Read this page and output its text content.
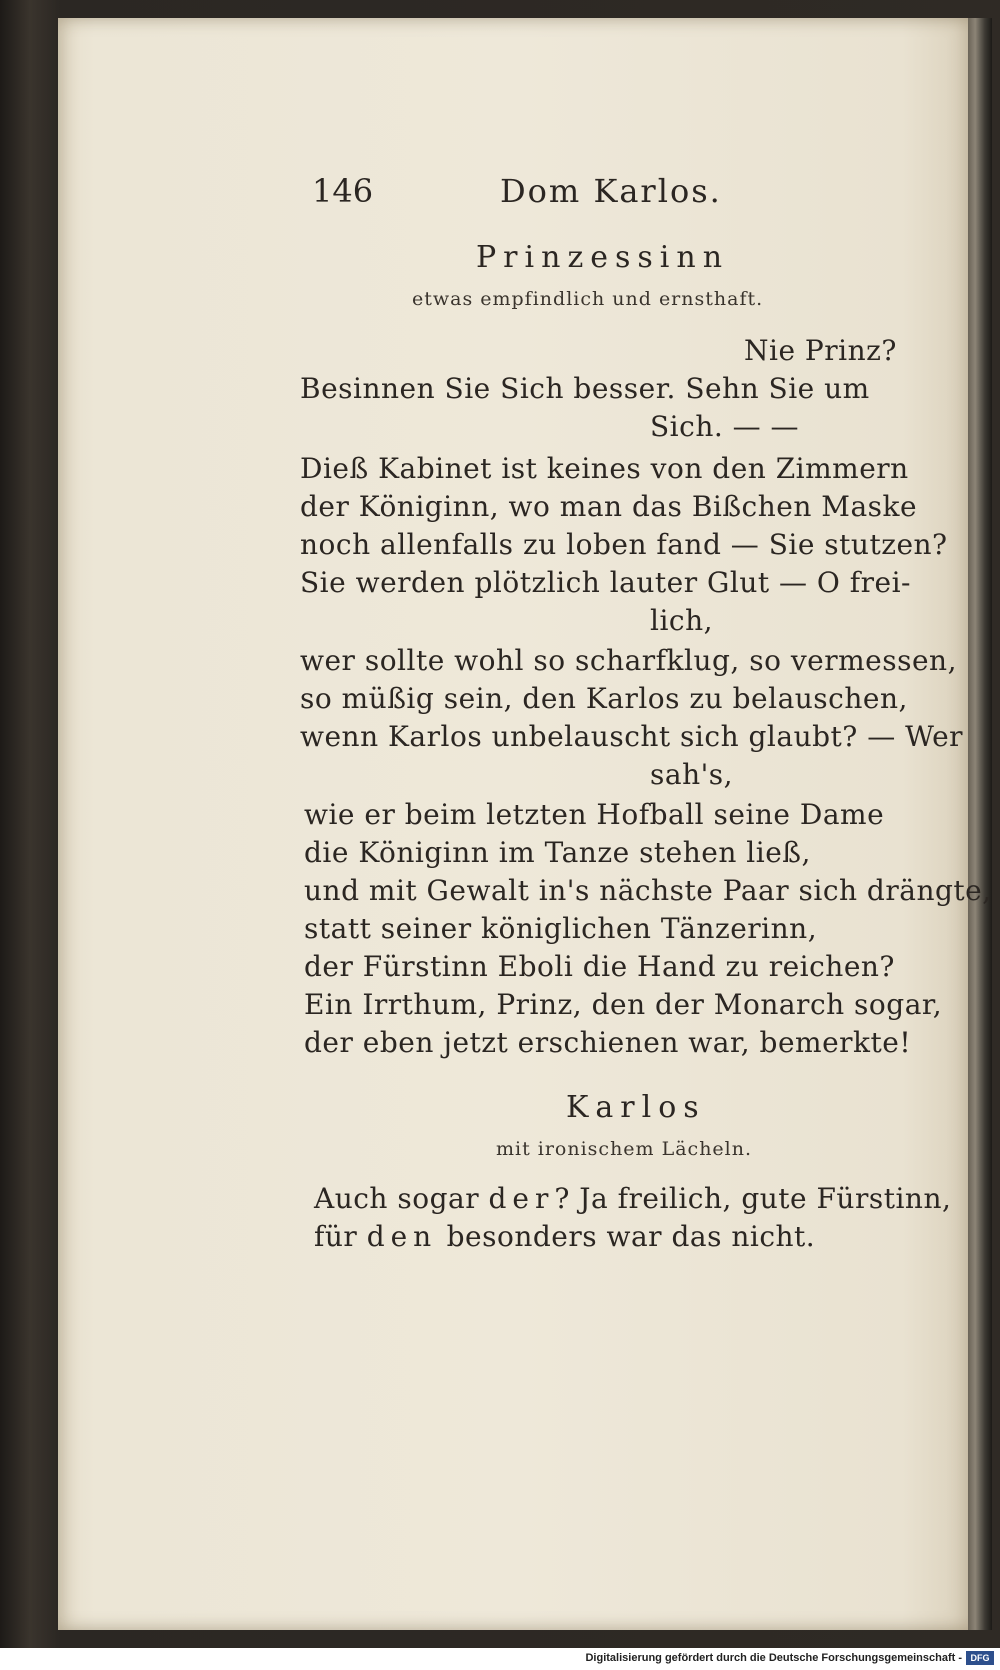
146	Dom Karlos.
Prinzessinn
etwas empfindlich und ernsthaft.
Nie Prinz?
Besinnen Sie Sich besser. Sehn Sie um
Sich. — —
Dieß Kabinet ist keines von den Zimmern
der Königinn, wo man das Bißchen Maske
noch allenfalls zu loben fand — Sie stutzen?
Sie werden plötzlich lauter Glut — O frei-
lich,
wer sollte wohl so scharfklug, so vermessen,
so müßig sein, den Karlos zu belauschen,
wenn Karlos unbelauscht sich glaubt? — Wer
sah's,
wie er beim letzten Hofball seine Dame
die Königinn im Tanze stehen ließ,
und mit Gewalt in's nächste Paar sich drängte,
statt seiner königlichen Tänzerinn,
der Fürstinn Eboli die Hand zu reichen?
Ein Irrthum, Prinz, den der Monarch sogar,
der eben jetzt erschienen war, bemerkte!
Karlos
mit ironischem Lächeln.
Auch sogar der? Ja freilich, gute Fürstinn,
für den besonders war das nicht.
Digitalisierung gefördert durch die Deutsche Forschungsgemeinschaft - DFG
